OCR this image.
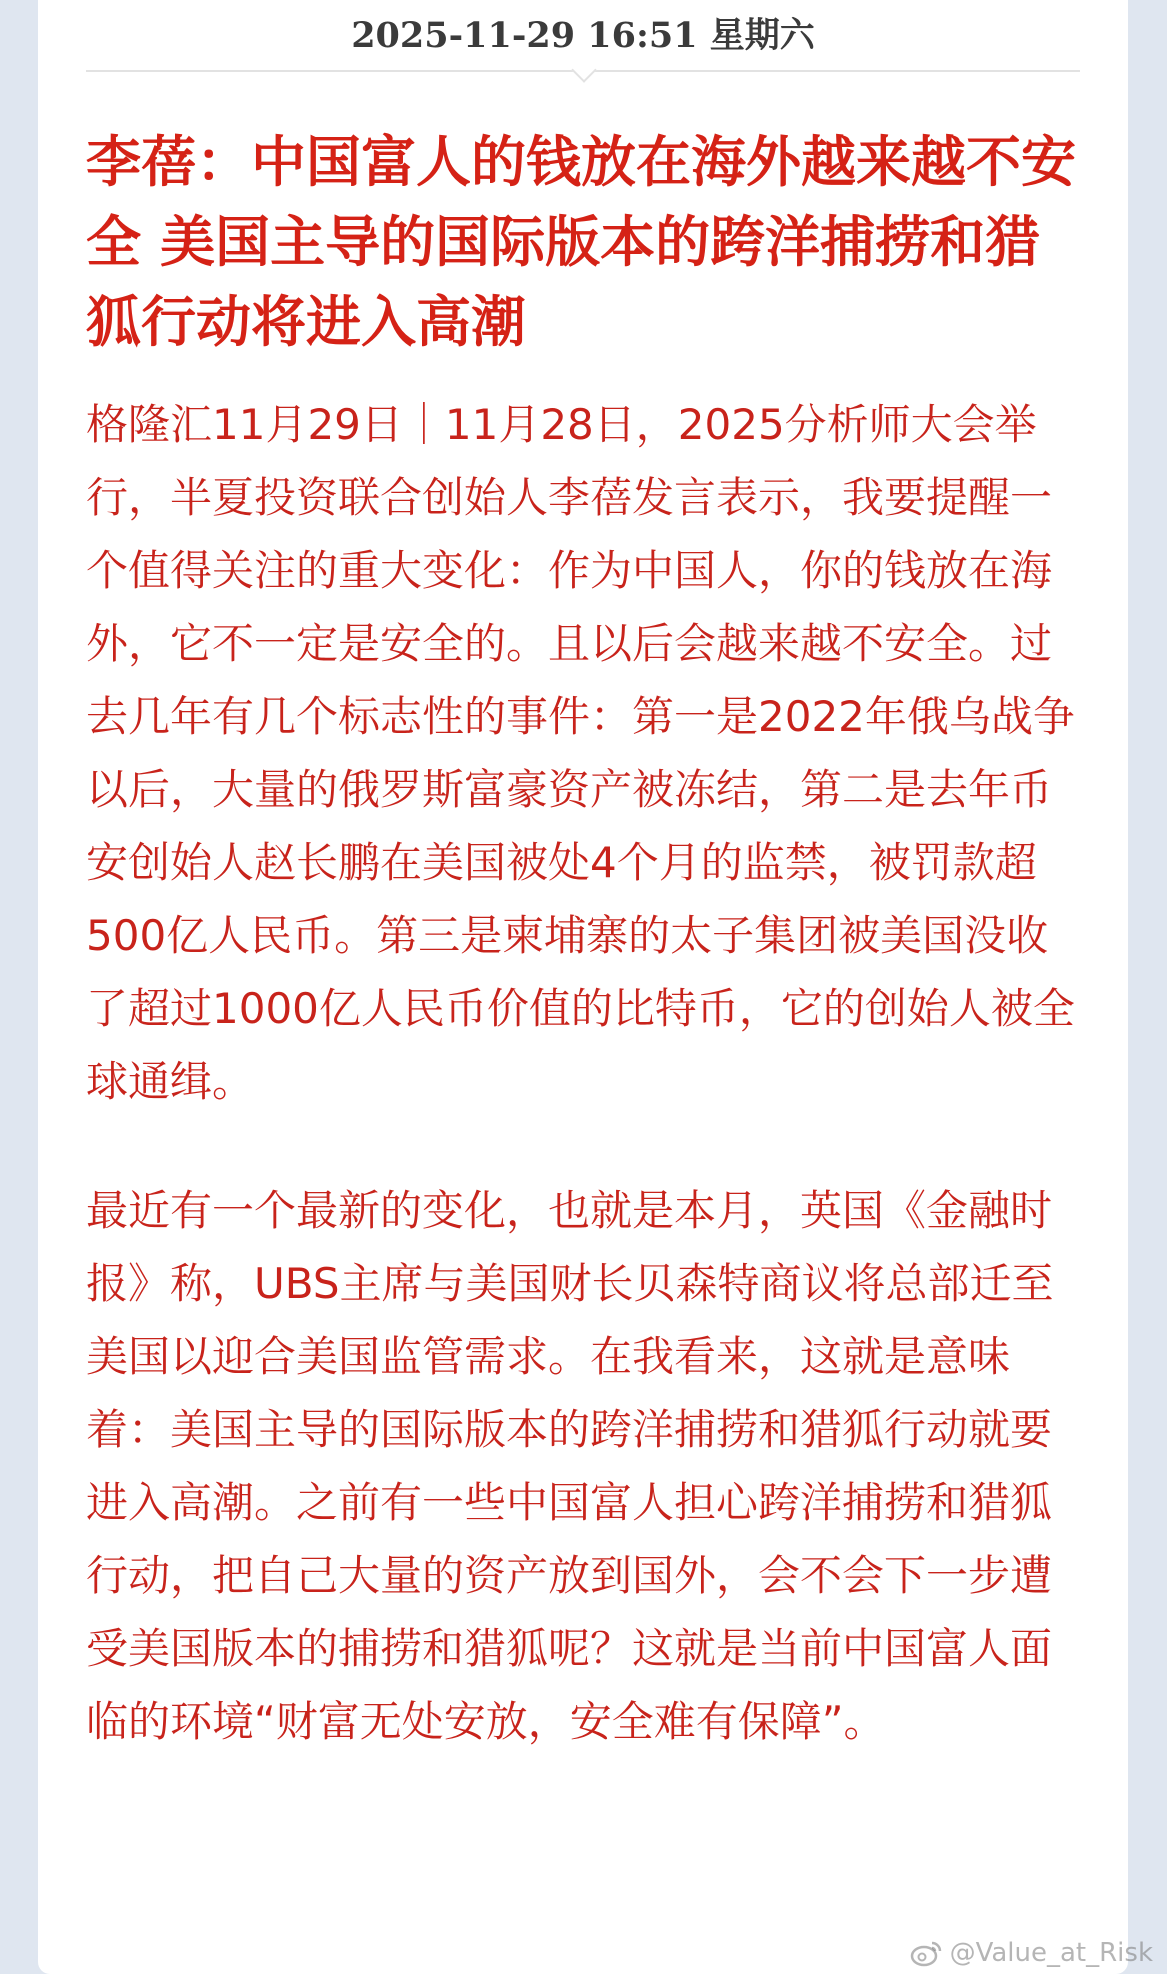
2025-11-29 16:51 星期六
李蓓：中国富人的钱放在海外越来越不安全 美国主导的国际版本的跨洋捕捞和猎狐行动将进入高潮

格隆汇11月29日｜11月28日，2025分析师大会举行，半夏投资联合创始人李蓓发言表示，我要提醒一个值得关注的重大变化：作为中国人，你的钱放在海外，它不一定是安全的。且以后会越来越不安全。过去几年有几个标志性的事件：第一是2022年俄乌战争以后，大量的俄罗斯富豪资产被冻结，第二是去年币安创始人赵长鹏在美国被处4个月的监禁，被罚款超500亿人民币。第三是柬埔寨的太子集团被美国没收了超过1000亿人民币价值的比特币，它的创始人被全球通缉。

最近有一个最新的变化，也就是本月，英国《金融时报》称，UBS主席与美国财长贝森特商议将总部迁至美国以迎合美国监管需求。在我看来，这就是意味着：美国主导的国际版本的跨洋捕捞和猎狐行动就要进入高潮。之前有一些中国富人担心跨洋捕捞和猎狐行动，把自己大量的资产放到国外，会不会下一步遭受美国版本的捕捞和猎狐呢？这就是当前中国富人面临的环境“财富无处安放，安全难有保障”。

@Value_at_Risk
